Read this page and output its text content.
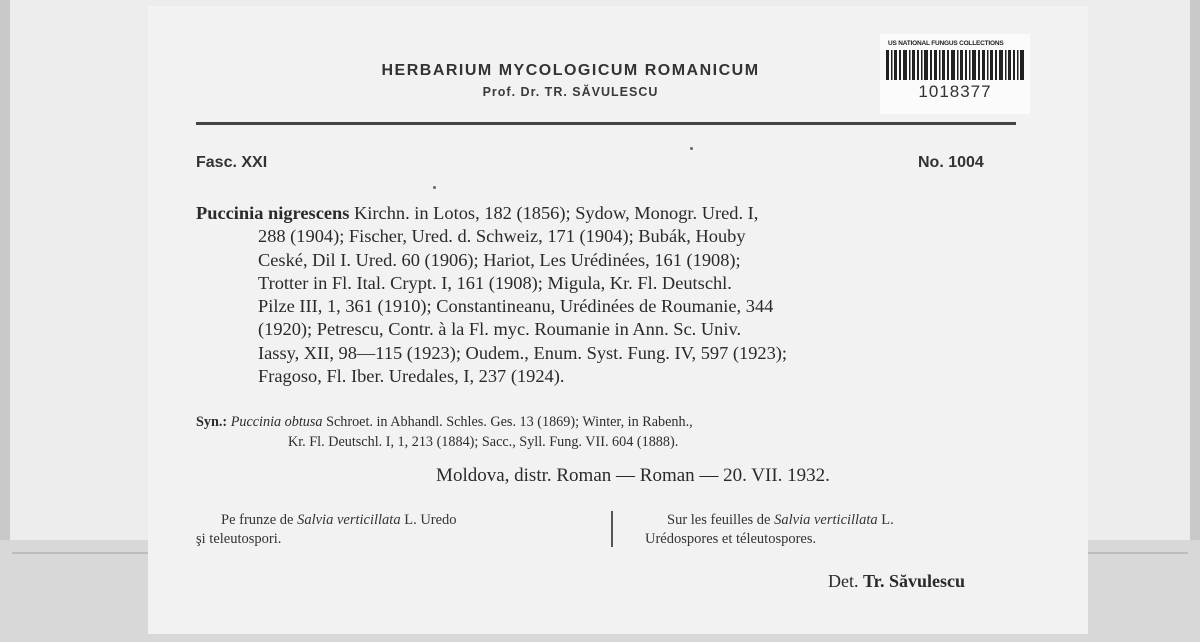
HERBARIUM MYCOLOGICUM ROMANICUM
Prof. Dr. TR. SĂVULESCU
US NATIONAL FUNGUS COLLECTIONS
1018377
Fasc. XXI	No. 1004
Puccinia nigrescens Kirchn. in Lotos, 182 (1856); Sydow, Monogr. Ured. I,
288 (1904); Fischer, Ured. d. Schweiz, 171 (1904); Bubák, Houby
Ceské, Dil I. Ured. 60 (1906); Hariot, Les Urédinées, 161 (1908);
Trotter in Fl. Ital. Crypt. I, 161 (1908); Migula, Kr. Fl. Deutschl.
Pilze III, 1, 361 (1910); Constantineanu, Urédinées de Roumanie, 344
(1920); Petrescu, Contr. à la Fl. myc. Roumanie in Ann. Sc. Univ.
Iassy, XII, 98—115 (1923); Oudem., Enum. Syst. Fung. IV, 597 (1923);
Fragoso, Fl. Iber. Uredales, I, 237 (1924).
Syn.: Puccinia obtusa Schroet. in Abhandl. Schles. Ges. 13 (1869); Winter, in Rabenh.,
Kr. Fl. Deutschl. I, 1, 213 (1884); Sacc., Syll. Fung. VII. 604 (1888).
Moldova, distr. Roman — Roman — 20. VII. 1932.
Pe frunze de Salvia verticillata L. Uredo
şi teleutospori.
Sur les feuilles de Salvia verticillata L.
Urédospores et téleutospores.
Det. Tr. Săvulescu
